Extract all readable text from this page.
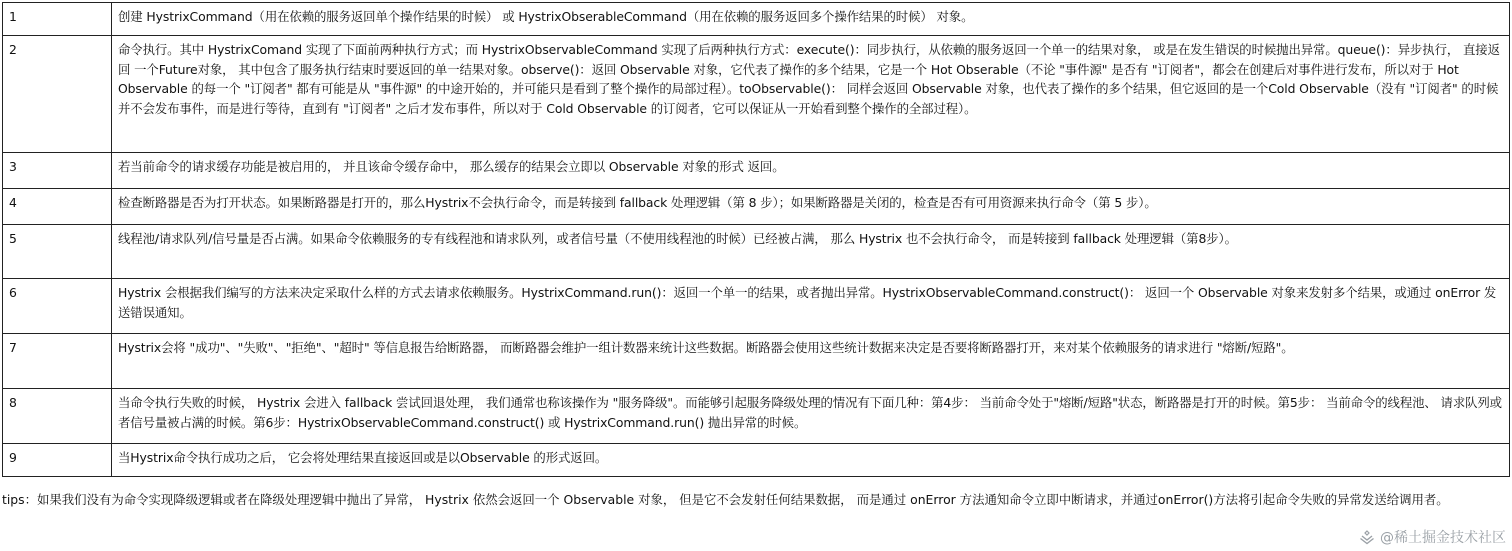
1	创建 HystrixCommand（用在依赖的服务返回单个操作结果的时候） 或 HystrixObserableCommand（用在依赖的服务返回多个操作结果的时候） 对象。
2	命令执行。其中 HystrixComand 实现了下面前两种执行方式；而 HystrixObservableCommand 实现了后两种执行方式：execute()：同步执行，从依赖的服务返回一个单一的结果对象， 或是在发生错误的时候抛出异常。queue()：异步执行， 直接返回 一个Future对象， 其中包含了服务执行结束时要返回的单一结果对象。observe()：返回 Observable 对象，它代表了操作的多个结果，它是一个 Hot Obserable（不论 "事件源" 是否有 "订阅者"，都会在创建后对事件进行发布，所以对于 Hot Observable 的每一个 "订阅者" 都有可能是从 "事件源" 的中途开始的，并可能只是看到了整个操作的局部过程）。toObservable()： 同样会返回 Observable 对象，也代表了操作的多个结果，但它返回的是一个Cold Observable（没有 "订阅者" 的时候并不会发布事件，而是进行等待，直到有 "订阅者" 之后才发布事件，所以对于 Cold Observable 的订阅者，它可以保证从一开始看到整个操作的全部过程）。
3	若当前命令的请求缓存功能是被启用的， 并且该命令缓存命中， 那么缓存的结果会立即以 Observable 对象的形式 返回。
4	检查断路器是否为打开状态。如果断路器是打开的，那么Hystrix不会执行命令，而是转接到 fallback 处理逻辑（第 8 步）；如果断路器是关闭的，检查是否有可用资源来执行命令（第 5 步）。
5	线程池/请求队列/信号量是否占满。如果命令依赖服务的专有线程池和请求队列，或者信号量（不使用线程池的时候）已经被占满， 那么 Hystrix 也不会执行命令， 而是转接到 fallback 处理逻辑（第8步）。
6	Hystrix 会根据我们编写的方法来决定采取什么样的方式去请求依赖服务。HystrixCommand.run()：返回一个单一的结果，或者抛出异常。HystrixObservableCommand.construct()： 返回一个 Observable 对象来发射多个结果，或通过 onError 发送错误通知。
7	Hystrix会将 "成功"、"失败"、"拒绝"、"超时" 等信息报告给断路器， 而断路器会维护一组计数器来统计这些数据。断路器会使用这些统计数据来决定是否要将断路器打开，来对某个依赖服务的请求进行 "熔断/短路"。
8	当命令执行失败的时候， Hystrix 会进入 fallback 尝试回退处理， 我们通常也称该操作为 "服务降级"。而能够引起服务降级处理的情况有下面几种：第4步： 当前命令处于"熔断/短路"状态，断路器是打开的时候。第5步： 当前命令的线程池、 请求队列或 者信号量被占满的时候。第6步：HystrixObservableCommand.construct() 或 HystrixCommand.run() 抛出异常的时候。
9	当Hystrix命令执行成功之后， 它会将处理结果直接返回或是以Observable 的形式返回。
tips：如果我们没有为命令实现降级逻辑或者在降级处理逻辑中抛出了异常， Hystrix 依然会返回一个 Observable 对象， 但是它不会发射任何结果数据， 而是通过 onError 方法通知命令立即中断请求，并通过onError()方法将引起命令失败的异常发送给调用者。
@稀土掘金技术社区
